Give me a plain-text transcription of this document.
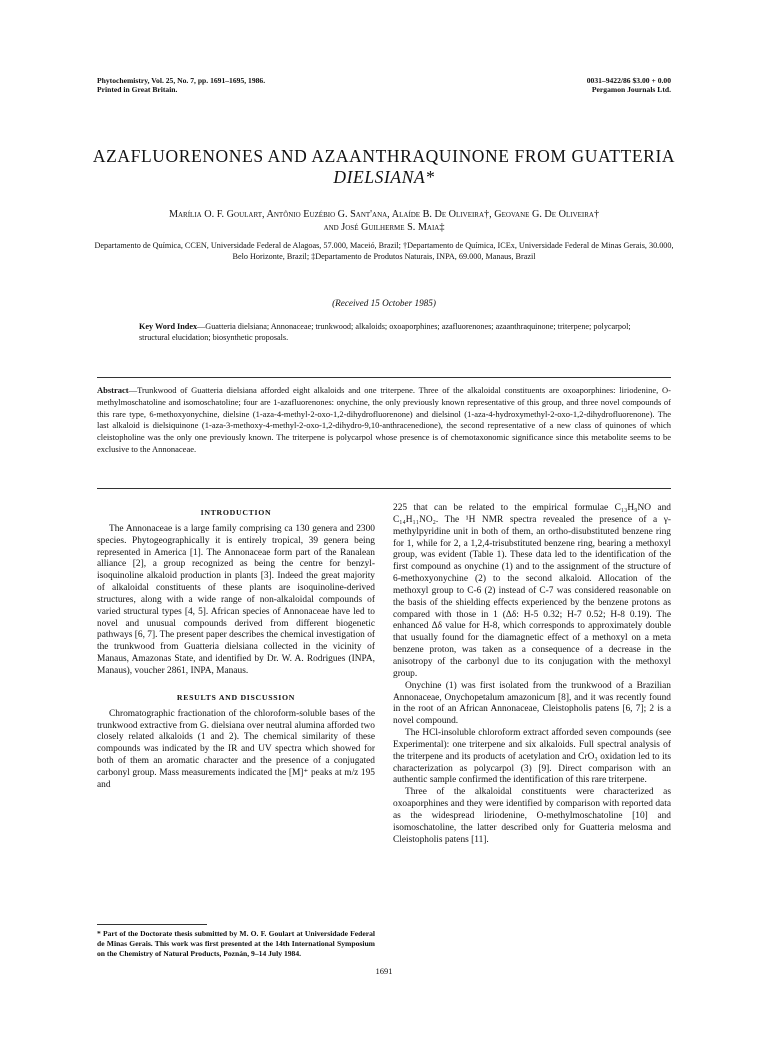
Phytochemistry, Vol. 25, No. 7, pp. 1691–1695, 1986.
Printed in Great Britain.
0031–9422/86 $3.00 + 0.00
Pergamon Journals Ltd.
AZAFLUORENONES AND AZAANTHRAQUINONE FROM GUATTERIA
DIELSIANA*
Marília O. F. Goulart, Antônio Euzébio G. Sant'ana, Alaíde B. De Oliveira†, Geovane G. De Oliveira†
and José Guilherme S. Maia‡
Departamento de Química, CCEN, Universidade Federal de Alagoas, 57.000, Maceió, Brazil; †Departamento de Química, ICEx, Universidade Federal de Minas Gerais, 30.000, Belo Horizonte, Brazil; ‡Departamento de Produtos Naturais, INPA, 69.000, Manaus, Brazil
(Received 15 October 1985)
Key Word Index—Guatteria dielsiana; Annonaceae; trunkwood; alkaloids; oxoaporphines; azafluorenones; azaanthraquinone; triterpene; polycarpol; structural elucidation; biosynthetic proposals.
Abstract—Trunkwood of Guatteria dielsiana afforded eight alkaloids and one triterpene. Three of the alkaloidal constituents are oxoaporphines: liriodenine, O-methylmoschatoline and isomoschatoline; four are 1-azafluorenones: onychine, the only previously known representative of this group, and three novel compounds of this rare type, 6-methoxyonychine, dielsine (1-aza-4-methyl-2-oxo-1,2-dihydrofluorenone) and dielsinol (1-aza-4-hydroxymethyl-2-oxo-1,2-dihydrofluorenone). The last alkaloid is dielsiquinone (1-aza-3-methoxy-4-methyl-2-oxo-1,2-dihydro-9,10-anthracenedione), the second representative of a new class of quinones of which cleistopholine was the only one previously known. The triterpene is polycarpol whose presence is of chemotaxonomic significance since this metabolite seems to be exclusive to the Annonaceae.
INTRODUCTION

The Annonaceae is a large family comprising ca 130 genera and 2300 species. Phytogeographically it is entirely tropical, 39 genera being represented in America [1]. The Annonaceae form part of the Ranalean alliance [2], a group recognized as being the centre for benzyl-isoquinoline alkaloid production in plants [3]. Indeed the great majority of alkaloidal constituents of these plants are isoquinoline-derived structures, along with a wide range of non-alkaloidal compounds of varied structural types [4, 5]. African species of Annonaceae have led to novel and unusual compounds derived from different biogenetic pathways [6, 7]. The present paper describes the chemical investigation of the trunkwood from Guatteria dielsiana collected in the vicinity of Manaus, Amazonas State, and identified by Dr. W. A. Rodrigues (INPA, Manaus), voucher 2861, INPA, Manaus.

RESULTS AND DISCUSSION

Chromatographic fractionation of the chloroform-soluble bases of the trunkwood extractive from G. dielsiana over neutral alumina afforded two closely related alkaloids (1 and 2). The chemical similarity of these compounds was indicated by the IR and UV spectra which showed for both of them an aromatic character and the presence of a conjugated carbonyl group. Mass measurements indicated the [M]⁺ peaks at m/z 195 and

* Part of the Doctorate thesis submitted by M. O. F. Goulart at Universidade Federal de Minas Gerais. This work was first presented at the 14th International Symposium on the Chemistry of Natural Products, Poznán, 9–14 July 1984.

225 that can be related to the empirical formulae C₁₃H₉NO and C₁₄H₁₁NO₂. The ¹H NMR spectra revealed the presence of a γ-methylpyridine unit in both of them, an ortho-disubstituted benzene ring for 1, while for 2, a 1,2,4-trisubstituted benzene ring, bearing a methoxyl group, was evident (Table 1). These data led to the identification of the first compound as onychine (1) and to the assignment of the structure of 6-methoxyonychine (2) to the second alkaloid. Allocation of the methoxyl group to C-6 (2) instead of C-7 was considered reasonable on the basis of the shielding effects experienced by the benzene protons as compared with those in 1 (Δδ: H-5 0.32; H-7 0.52; H-8 0.19). The enhanced Δδ value for H-8, which corresponds to approximately double that usually found for the diamagnetic effect of a methoxyl on a meta benzene proton, was taken as a consequence of a decrease in the anisotropy of the carbonyl due to its conjugation with the methoxyl group.

Onychine (1) was first isolated from the trunkwood of a Brazilian Annonaceae, Onychopetalum amazonicum [8], and it was recently found in the root of an African Annonaceae, Cleistopholis patens [6, 7]; 2 is a novel compound.

The HCl-insoluble chloroform extract afforded seven compounds (see Experimental): one triterpene and six alkaloids. Full spectral analysis of the triterpene and its products of acetylation and CrO₃ oxidation led to its characterization as polycarpol (3) [9]. Direct comparison with an authentic sample confirmed the identification of this rare triterpene.

Three of the alkaloidal constituents were characterized as oxoaporphines and they were identified by comparison with reported data as the widespread liriodenine, O-methylmoschatoline [10] and isomoschatoline, the latter described only for Guatteria melosma and Cleistopholis patens [11].

1691
